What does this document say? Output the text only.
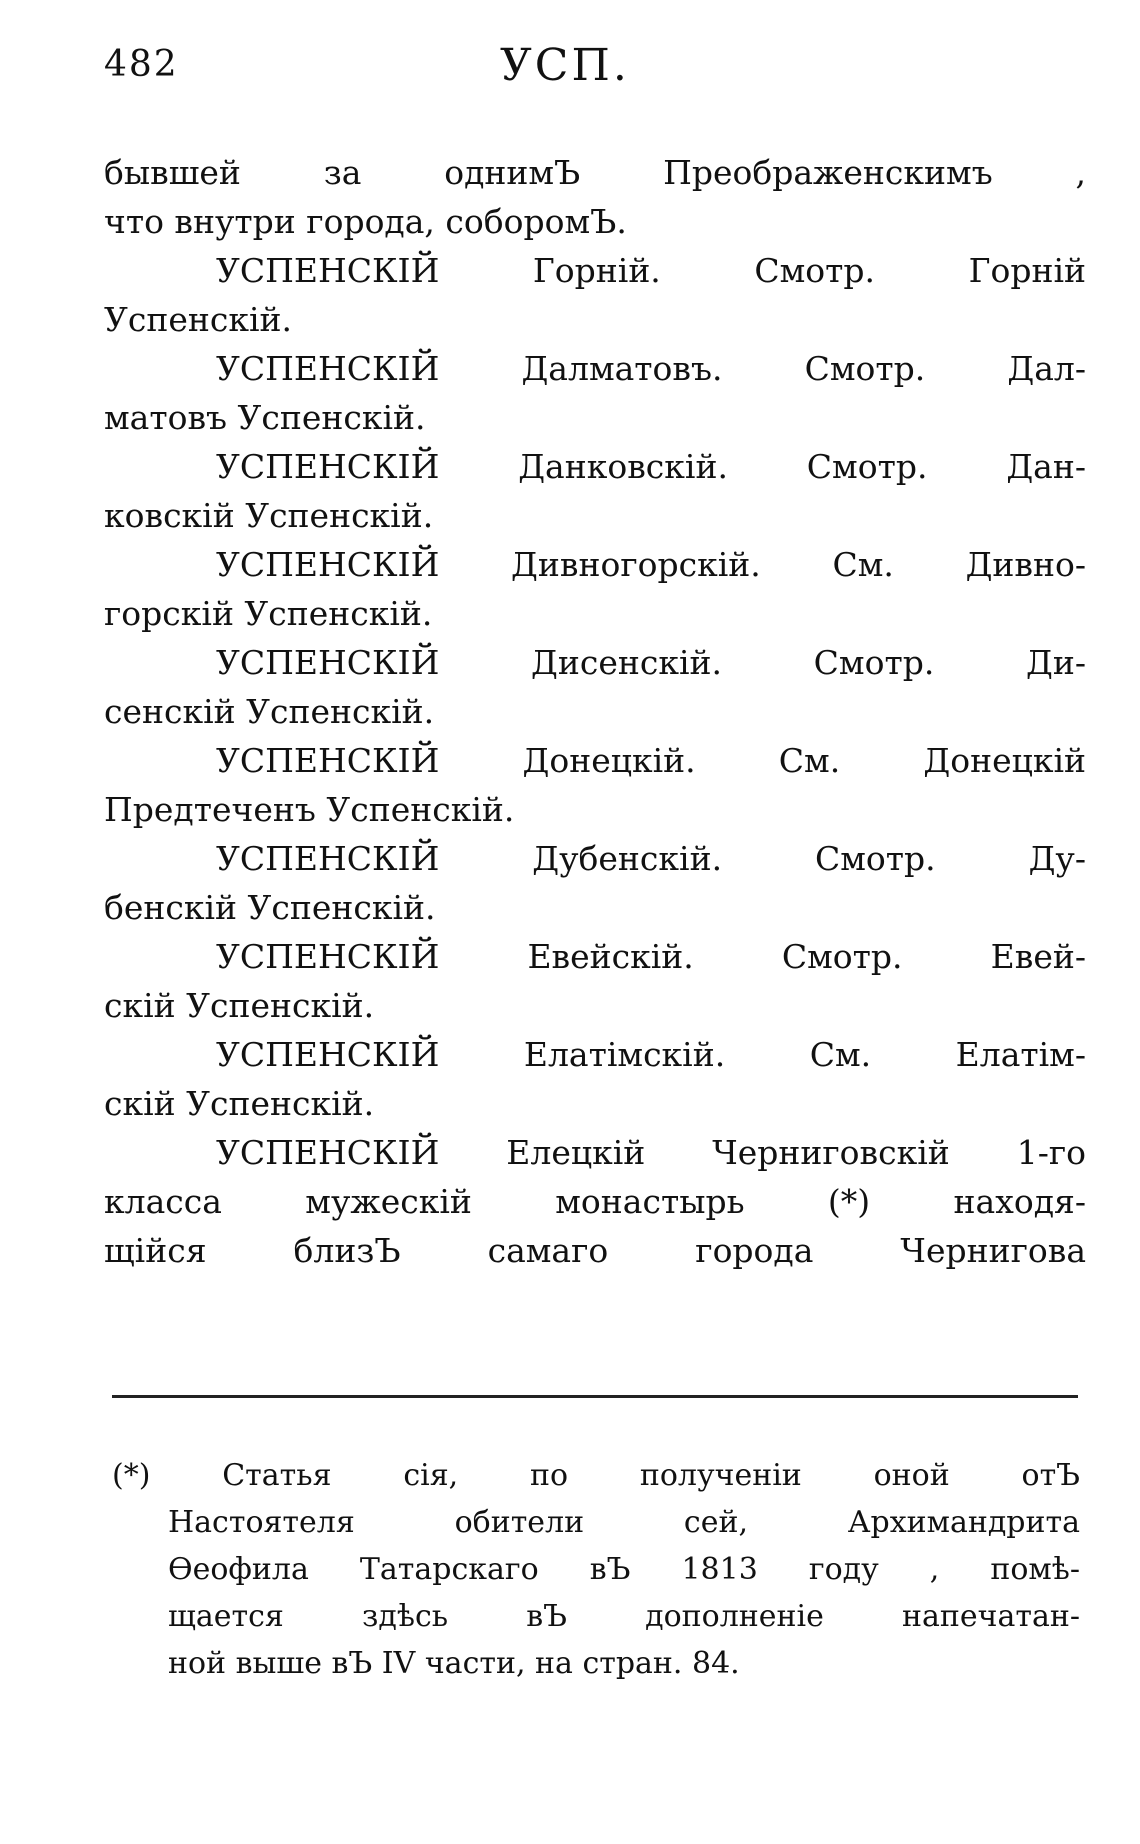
482	УСП.
бывшей за однимЪ Преображенскимъ ,
что внутри города, соборомЪ.
УСПЕНСКІЙ Горній. Смотр. Горній
Успенскій.
УСПЕНСКІЙ Далматовъ. Смотр. Дал-
матовъ Успенскій.
УСПЕНСКІЙ Данковскій. Смотр. Дан-
ковскій Успенскій.
УСПЕНСКІЙ Дивногорскій. См. Дивно-
горскій Успенскій.
УСПЕНСКІЙ Дисенскій. Смотр. Ди-
сенскій Успенскій.
УСПЕНСКІЙ Донецкій. См. Донецкій
Предтеченъ Успенскій.
УСПЕНСКІЙ Дубенскій. Смотр. Ду-
бенскій Успенскій.
УСПЕНСКІЙ Евейскій. Смотр. Евей-
скій Успенскій.
УСПЕНСКІЙ Елатімскій. См. Елатім-
скій Успенскій.
УСПЕНСКІЙ Елецкій Черниговскій 1-го
класса мужескій монастырь (*) находя-
щійся близЪ самаго города Чернигова
(*) Статья сія, по полученіи оной отЪ
Настоятеля обители сей, Архимандрита
Өеофила Татарскаго вЪ 1813 году , помѣ-
щается здѣсь вЪ дополненіе напечатан-
ной выше вЪ IV части, на стран. 84.
